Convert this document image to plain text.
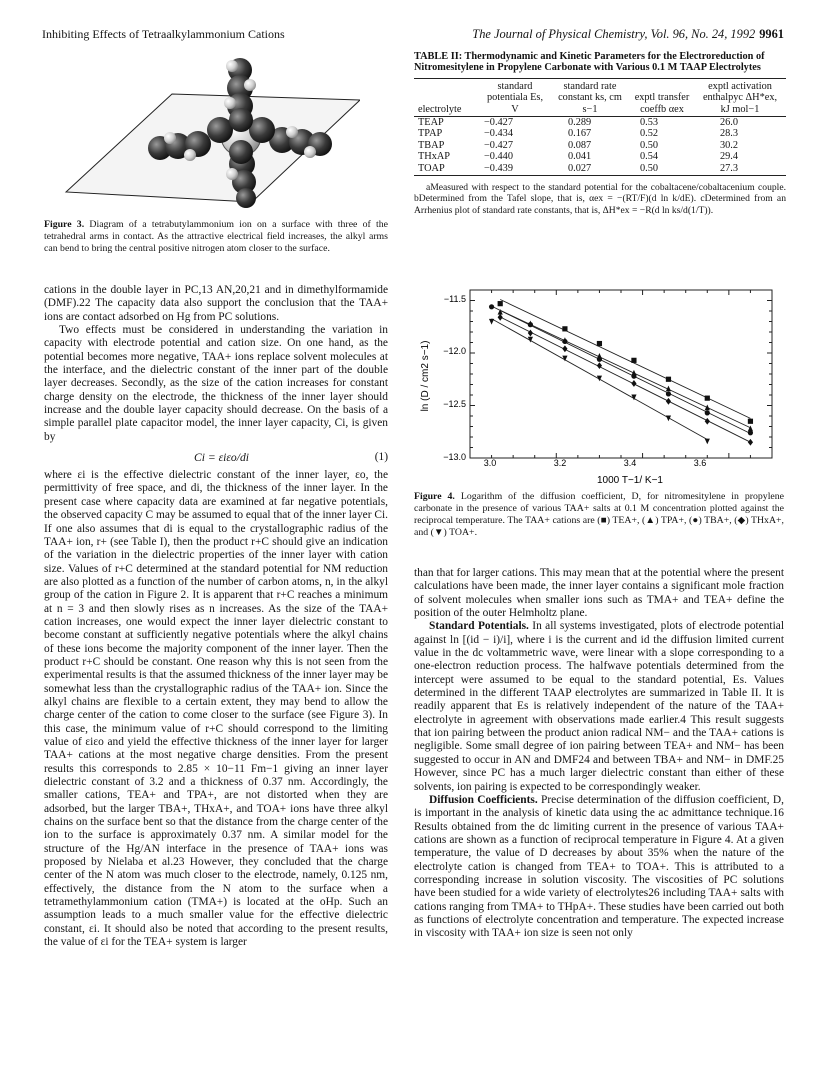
Inhibiting Effects of Tetraalkylammonium Cations	The Journal of Physical Chemistry, Vol. 96, No. 24, 1992 9961
Figure 3. Diagram of a tetrabutylammonium ion on a surface with three of the tetrahedral arms in contact. As the attractive electrical field increases, the alkyl arms can bend to bring the central positive nitrogen atom closer to the surface.

cations in the double layer in PC,13 AN,20,21 and in dimethylformamide (DMF).22 The capacity data also support the conclusion that the TAA+ ions are contact adsorbed on Hg from PC solutions.

Two effects must be considered in understanding the variation in capacity with electrode potential and cation size. On one hand, as the potential becomes more negative, TAA+ ions replace solvent molecules at the interface, and the dielectric constant of the inner part of the double layer decreases. Secondly, as the size of the cation increases for constant charge density on the electrode, the thickness of the inner layer should increase and the double layer capacity should decrease. On the basis of a simple parallel plate capacitor model, the inner layer capacity, Ci, is given by

Ci = εiεo/di	(1)

where εi is the effective dielectric constant of the inner layer, εo, the permittivity of free space, and di, the thickness of the inner layer. In the present case where capacity data are examined at far negative potentials, the observed capacity C may be assumed to equal that of the inner layer Ci. If one also assumes that di is equal to the crystallographic radius of the TAA+ ion, r+ (see Table I), then the product r+C should give an indication of the variation in the dielectric properties of the inner layer with cation size. Values of r+C determined at the standard potential for NM reduction are also plotted as a function of the number of carbon atoms, n, in the alkyl group of the cation in Figure 2. It is apparent that r+C reaches a minimum at n = 3 and then slowly rises as n increases. As the size of the TAA+ cation increases, one would expect the inner layer dielectric constant to become constant at sufficiently negative potentials where the alkyl chains of these ions become the majority component of the inner layer. Then the product r+C should be constant. One reason why this is not seen from the experimental results is that the assumed thickness of the inner layer may be somewhat less than the crystallographic radius of the TAA+ ion. Since the alkyl chains are flexible to a certain extent, they may bend to allow the charge center of the cation to come closer to the surface (see Figure 3). In this case, the minimum value of r+C should correspond to the limiting value of εiεo and yield the effective thickness of the inner layer for larger TAA+ cations at the most negative charge densities. From the present results this corresponds to 2.85 × 10−11 Fm−1 giving an inner layer dielectric constant of 3.2 and a thickness of 0.37 nm. Accordingly, the smaller cations, TEA+ and TPA+, are not distorted when they are adsorbed, but the larger TBA+, THxA+, and TOA+ ions have three alkyl chains on the surface bent so that the distance from the charge center of the ion to the surface is approximately 0.37 nm. A similar model for the structure of the Hg/AN interface in the presence of TAA+ ions was proposed by Nielaba et al.23 However, they concluded that the charge center of the N atom was much closer to the electrode, namely, 0.125 nm, effectively, the distance from the N atom to the surface when a tetramethylammonium cation (TMA+) is located at the oHp. Such an assumption leads to a much smaller value for the effective dielectric constant, εi. It should also be noted that according to the present results, the value of εi for the TEA+ system is larger

TABLE II: Thermodynamic and Kinetic Parameters for the Electroreduction of Nitromesitylene in Propylene Carbonate with Various 0.1 M TAAP Electrolytes
electrolyte	standard potentiala Es, V	standard rate constant ks, cm s−1	exptl transfer coeffb αex	exptl activation enthalpyc ΔH*ex, kJ mol−1
TEAP	−0.427	0.289	0.53	26.0
TPAP	−0.434	0.167	0.52	28.3
TBAP	−0.427	0.087	0.50	30.2
THxAP	−0.440	0.041	0.54	29.4
TOAP	−0.439	0.027	0.50	27.3
aMeasured with respect to the standard potential for the cobaltacene/cobaltacenium couple. bDetermined from the Tafel slope, that is, αex = −(RT/F)(d ln k/dE). cDetermined from an Arrhenius plot of standard rate constants, that is, ΔH*ex = −R(d ln ks/d(1/T)).
3.0	3.2	3.4	3.6
−11.5
−12.0
−12.5
−13.0
1000 T−1/ K−1
ln (D / cm2 s−1)
Figure 4. Logarithm of the diffusion coefficient, D, for nitromesitylene in propylene carbonate in the presence of various TAA+ salts at 0.1 M concentration plotted against the reciprocal temperature. The TAA+ cations are (■) TEA+, (▲) TPA+, (●) TBA+, (◆) THxA+, and (▼) TOA+.

than that for larger cations. This may mean that at the potential where the present calculations have been made, the inner layer contains a significant mole fraction of solvent molecules when smaller ions such as TMA+ and TEA+ define the position of the outer Helmholtz plane.

Standard Potentials. In all systems investigated, plots of electrode potential against ln [(id − i)/i], where i is the current and id the diffusion limited current value in the dc voltammetric wave, were linear with a slope corresponding to a one-electron reduction process. The halfwave potentials determined from the intercept were assumed to be equal to the standard potential, Es. Values determined in the different TAAP electrolytes are summarized in Table II. It is readily apparent that Es is relatively independent of the nature of the TAA+ electrolyte in agreement with observations made earlier.4 This result suggests that ion pairing between the product anion radical NM− and the TAA+ cations is negligible. Some small degree of ion pairing between TEA+ and NM− has been suggested to occur in AN and DMF24 and between TBA+ and NM− in DMF.25 However, since PC has a much larger dielectric constant than either of these solvents, ion pairing is expected to be correspondingly weaker.

Diffusion Coefficients. Precise determination of the diffusion coefficient, D, is important in the analysis of kinetic data using the ac admittance technique.16 Results obtained from the dc limiting current in the presence of various TAA+ cations are shown as a function of reciprocal temperature in Figure 4. At a given temperature, the value of D decreases by about 35% when the nature of the electrolyte cation is changed from TEA+ to TOA+. This is attributed to a corresponding increase in solution viscosity. The viscosities of PC solutions have been studied for a wide variety of electrolytes26 including TAA+ salts with cations ranging from TMA+ to THpA+. These studies have been carried out both as functions of electrolyte concentration and temperature. The expected increase in viscosity with TAA+ ion size is seen not only
